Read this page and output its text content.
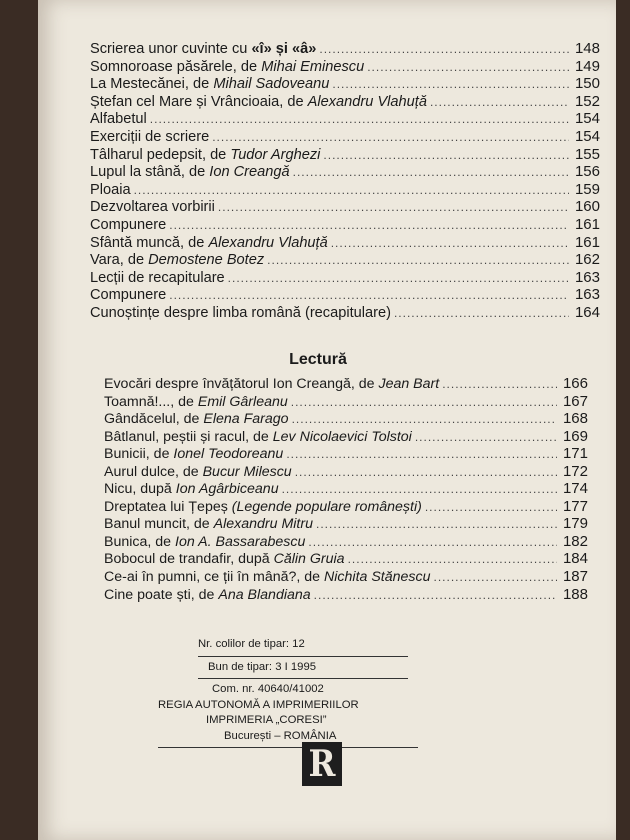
Scrierea unor cuvinte cu «î» și «â» .....	148
Somnoroase păsărele, de Mihai Eminescu .....	149
La Mestecănei, de Mihail Sadoveanu .....	150
Ștefan cel Mare și Vrâncioaia, de Alexandru Vlahuță .....	152
Alfabetul .....	154
Exerciții de scriere .....	154
Tâlharul pedepsit, de Tudor Arghezi .....	155
Lupul la stână, de Ion Creangă .....	156
Ploaia .....	159
Dezvoltarea vorbirii .....	160
Compunere .....	161
Sfântă muncă, de Alexandru Vlahuță .....	161
Vara, de Demostene Botez .....	162
Lecții de recapitulare .....	163
Compunere .....	163
Cunoștințe despre limba română (recapitulare) .....	164
Lectură
Evocări despre învățătorul Ion Creangă, de Jean Bart .....	166
Toamnă!..., de Emil Gârleanu .....	167
Gândăcelul, de Elena Farago .....	168
Bâtlanul, peștii și racul, de Lev Nicolaevici Tolstoi .....	169
Bunicii, de Ionel Teodoreanu .....	171
Aurul dulce, de Bucur Milescu .....	172
Nicu, după Ion Agârbiceanu .....	174
Dreptatea lui Țepeș (Legende populare românești) .....	177
Banul muncit, de Alexandru Mitru .....	179
Bunica, de Ion A. Bassarabescu .....	182
Bobocul de trandafir, după Călin Gruia .....	184
Ce-ai în pumni, ce ții în mână?, de Nichita Stănescu .....	187
Cine poate ști, de Ana Blandiana .....	188
Nr. colilor de tipar: 12
Bun de tipar: 3 I 1995
Com. nr. 40640/41002
REGIA AUTONOMĂ A IMPRIMERIILOR
IMPRIMERIA „CORESI”
București – ROMÂNIA
R
